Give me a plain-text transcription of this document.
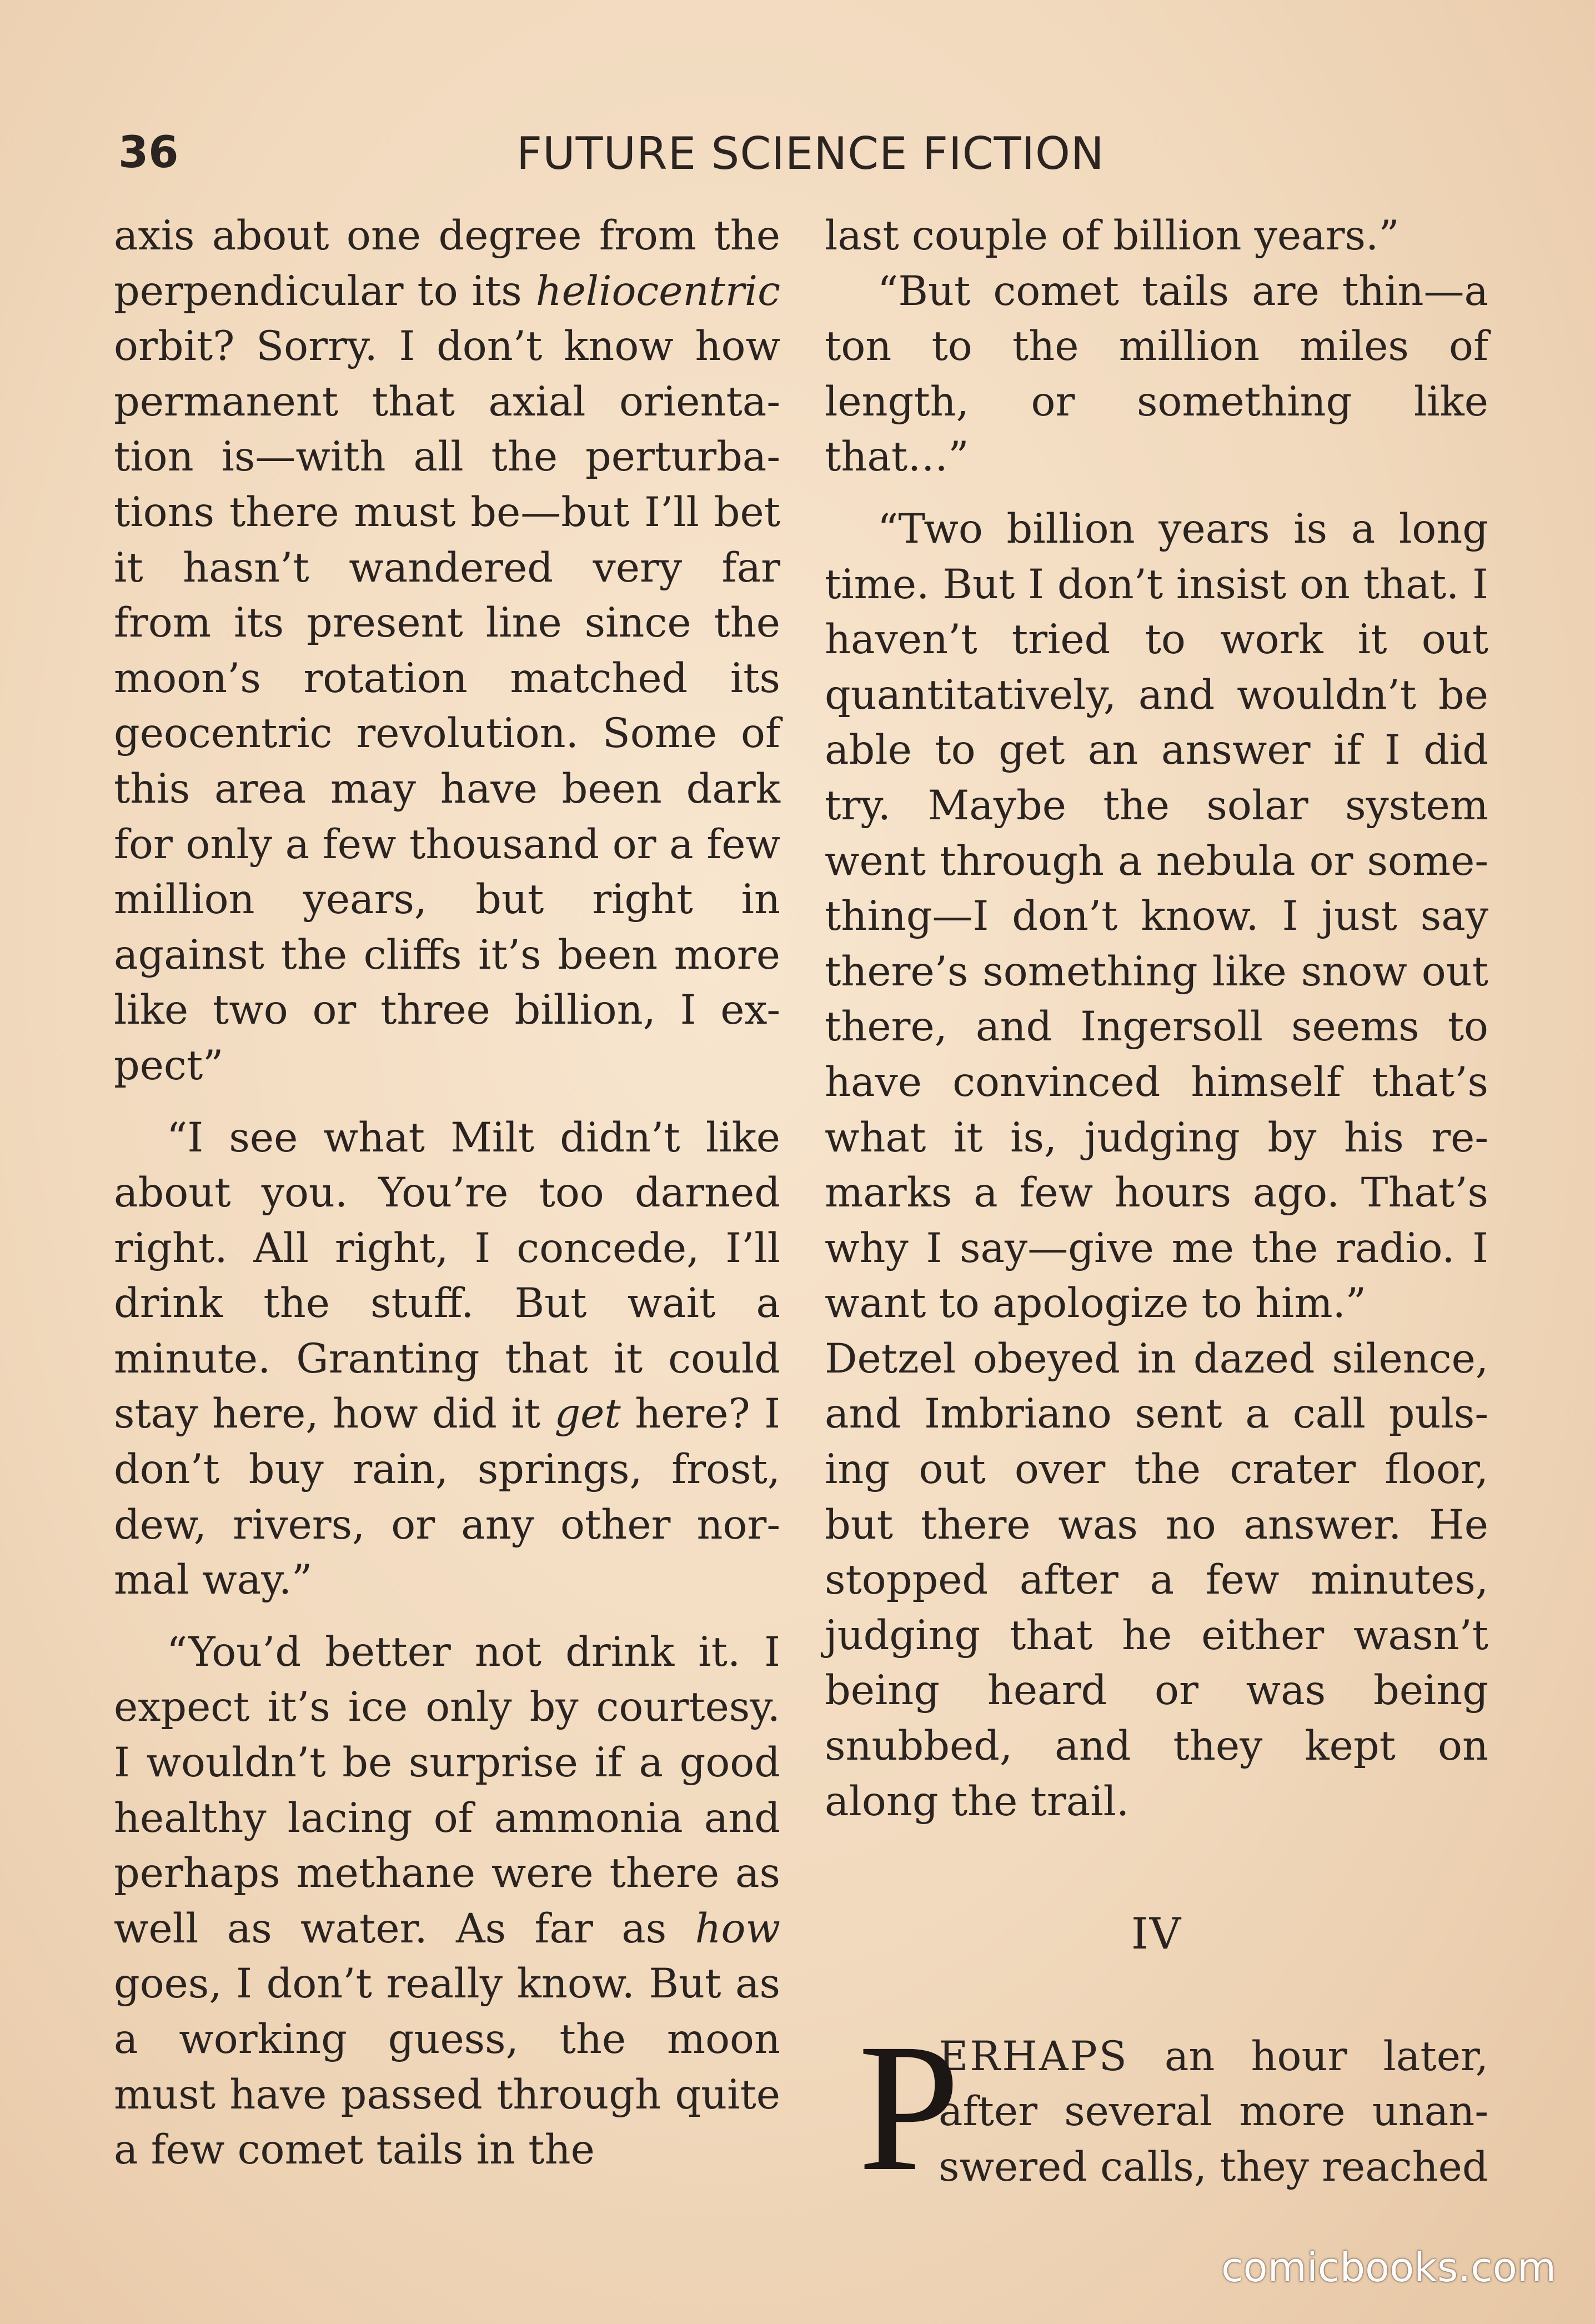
36	FUTURE SCIENCE FICTION

axis about one degree from the perpendicular to its heliocentric orbit? Sorry. I don’t know how permanent that axial orienta-tion is—with all the perturba-tions there must be—but I’ll bet it hasn’t wandered very far from its present line since the moon’s rotation matched its geocentric revolution. Some of this area may have been dark for only a few thousand or a few million years, but right in against the cliffs it’s been more like two or three billion, I ex-pect”

“I see what Milt didn’t like about you. You’re too darned right. All right, I concede, I’ll drink the stuff. But wait a minute. Granting that it could stay here, how did it get here? I don’t buy rain, springs, frost, dew, rivers, or any other nor-mal way.”

“You’d better not drink it. I expect it’s ice only by courtesy. I wouldn’t be surprise if a good healthy lacing of ammonia and perhaps methane were there as well as water. As far as how goes, I don’t really know. But as a working guess, the moon must have passed through quite a few comet tails in the

last couple of billion years.”

“But comet tails are thin—a ton to the million miles of length, or something like that…”

“Two billion years is a long time. But I don’t insist on that. I haven’t tried to work it out quantitatively, and wouldn’t be able to get an answer if I did try. Maybe the solar system went through a nebula or some-thing—I don’t know. I just say there’s something like snow out there, and Ingersoll seems to have convinced himself that’s what it is, judging by his re-marks a few hours ago. That’s why I say—give me the radio. I want to apologize to him.”

Detzel obeyed in dazed silence, and Imbriano sent a call puls-ing out over the crater floor, but there was no answer. He stopped after a few minutes, judging that he either wasn’t being heard or was being snubbed, and they kept on along the trail.

IV

P
ERHAPS an hour later, after several more unan-swered calls, they reached

comicbooks.com
